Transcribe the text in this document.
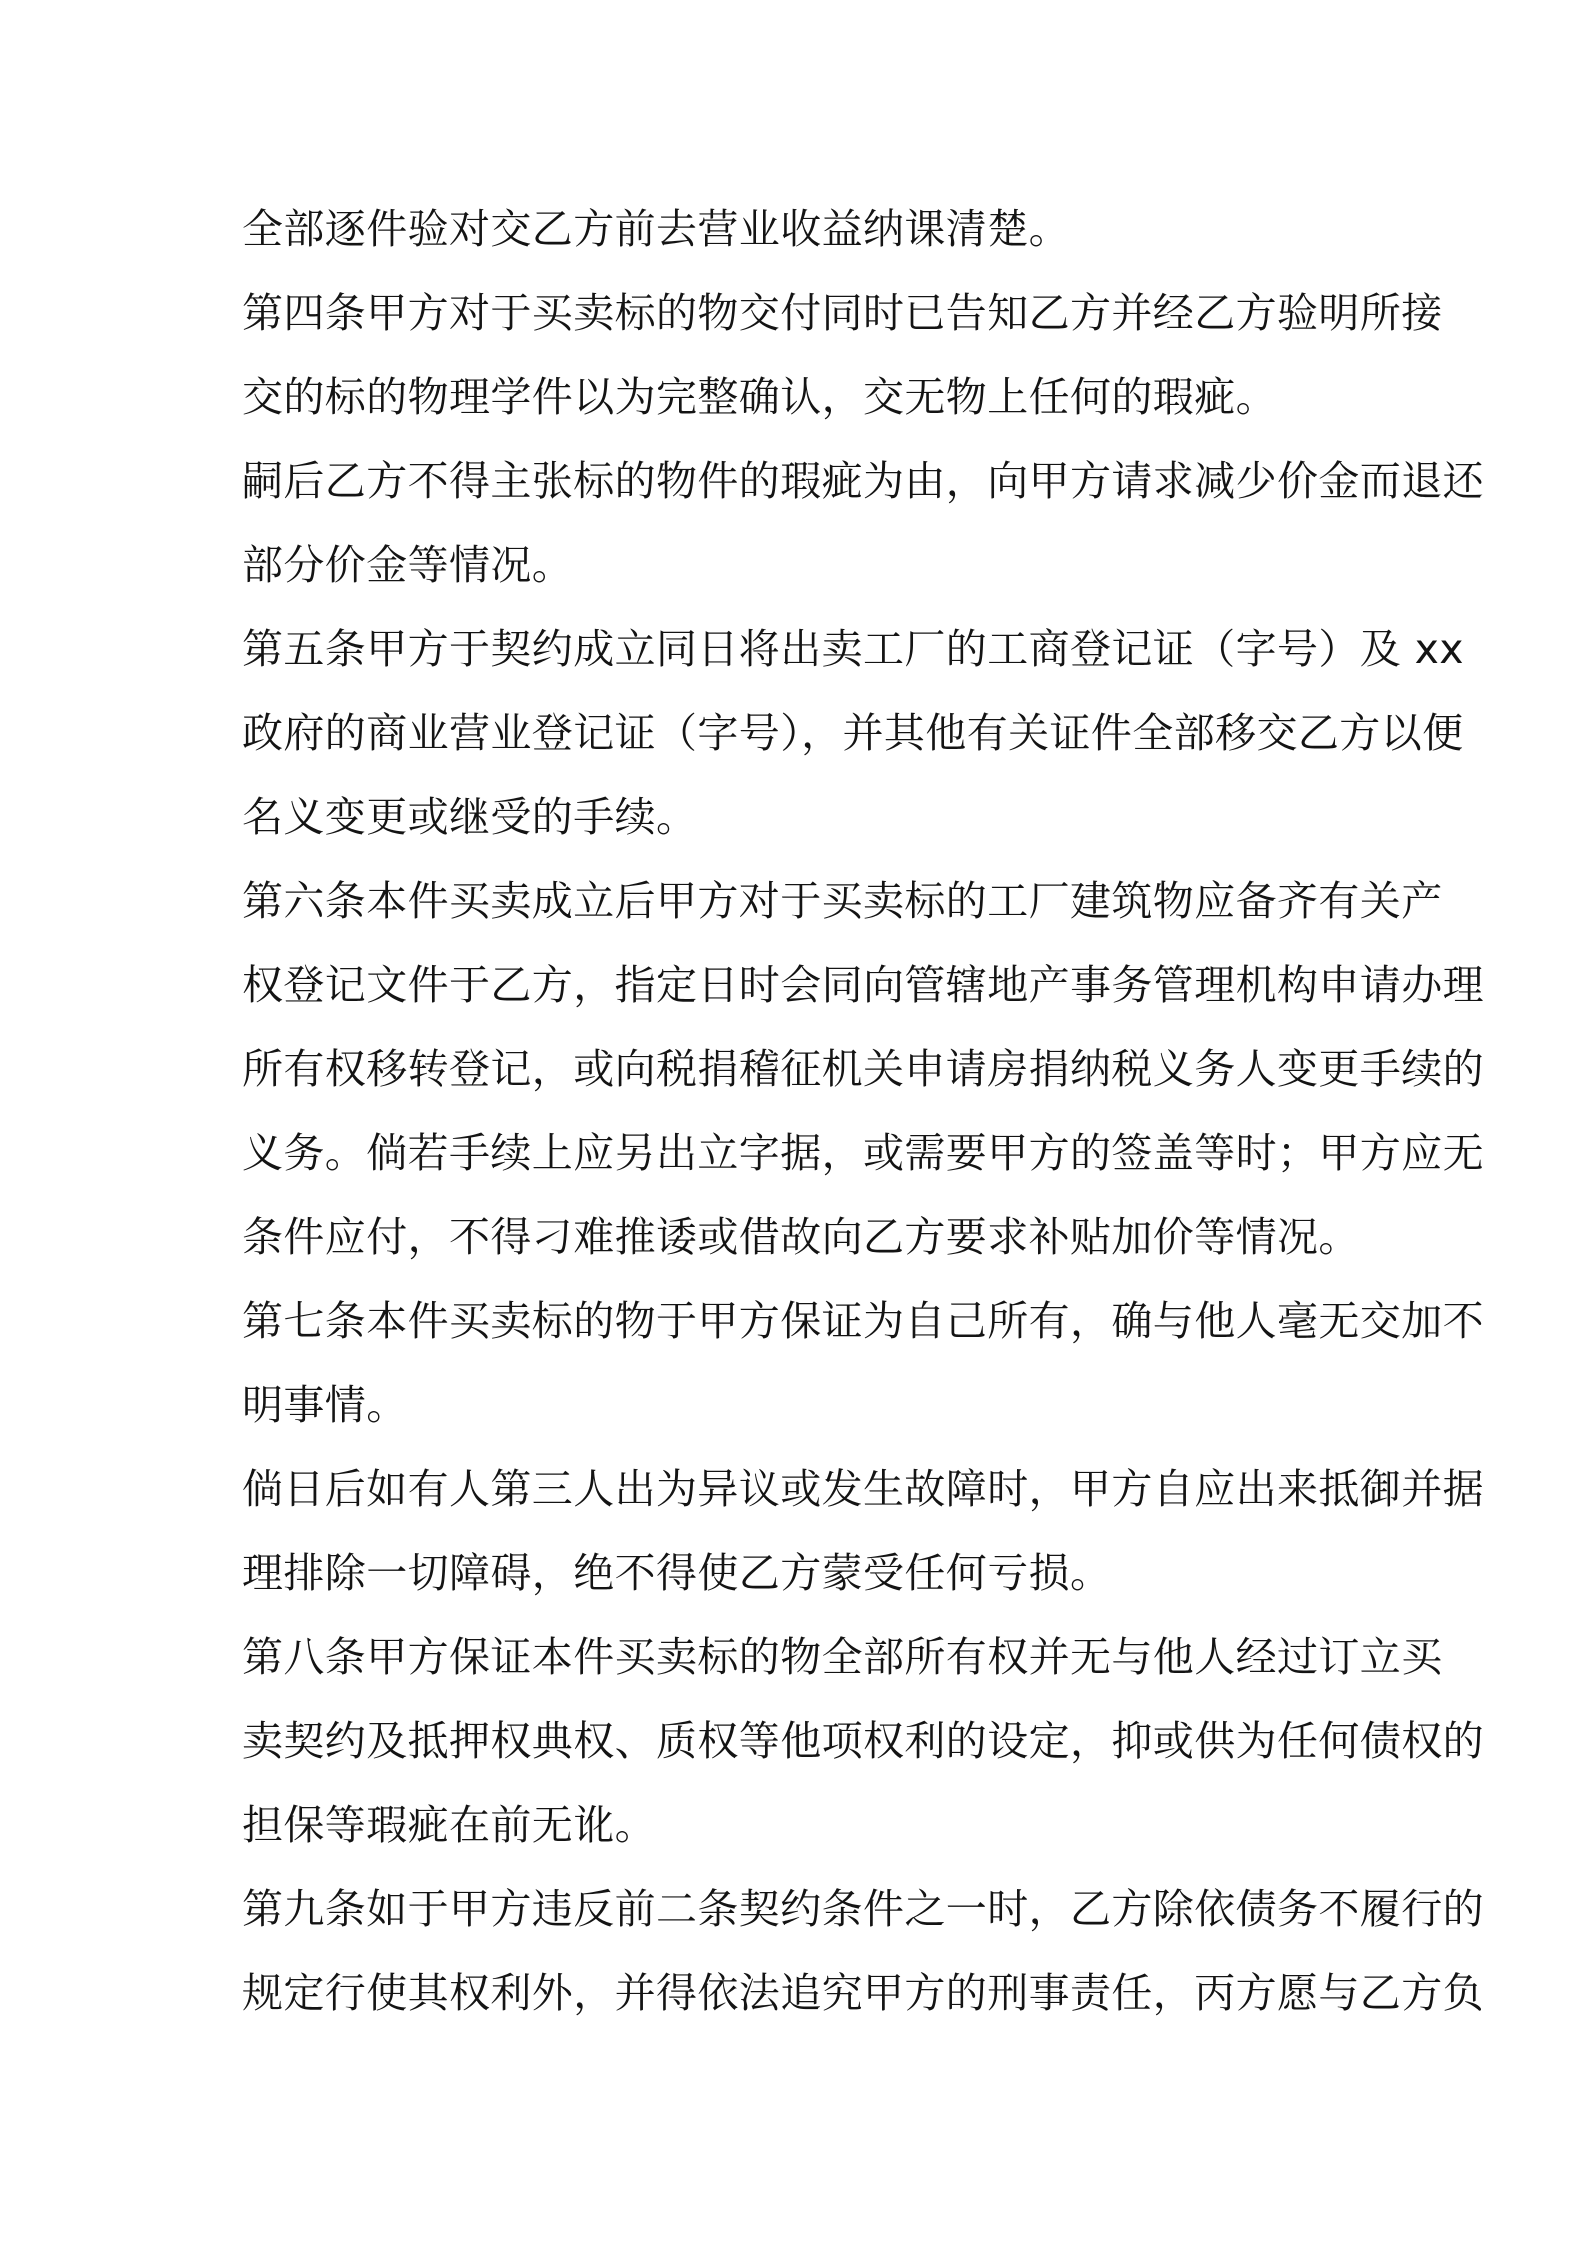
全部逐件验对交乙方前去营业收益纳课清楚。
第四条甲方对于买卖标的物交付同时已告知乙方并经乙方验明所接
交的标的物理学件以为完整确认，交无物上任何的瑕疵。
嗣后乙方不得主张标的物件的瑕疵为由，向甲方请求减少价金而退还
部分价金等情况。
第五条甲方于契约成立同日将出卖工厂的工商登记证（字号）及 xx
政府的商业营业登记证（字号），并其他有关证件全部移交乙方以便
名义变更或继受的手续。
第六条本件买卖成立后甲方对于买卖标的工厂建筑物应备齐有关产
权登记文件于乙方，指定日时会同向管辖地产事务管理机构申请办理
所有权移转登记，或向税捐稽征机关申请房捐纳税义务人变更手续的
义务。倘若手续上应另出立字据，或需要甲方的签盖等时；甲方应无
条件应付，不得刁难推诿或借故向乙方要求补贴加价等情况。
第七条本件买卖标的物于甲方保证为自己所有，确与他人毫无交加不
明事情。
倘日后如有人第三人出为异议或发生故障时，甲方自应出来抵御并据
理排除一切障碍，绝不得使乙方蒙受任何亏损。
第八条甲方保证本件买卖标的物全部所有权并无与他人经过订立买
卖契约及抵押权典权、质权等他项权利的设定，抑或供为任何债权的
担保等瑕疵在前无讹。
第九条如于甲方违反前二条契约条件之一时，乙方除依债务不履行的
规定行使其权利外，并得依法追究甲方的刑事责任，丙方愿与乙方负
